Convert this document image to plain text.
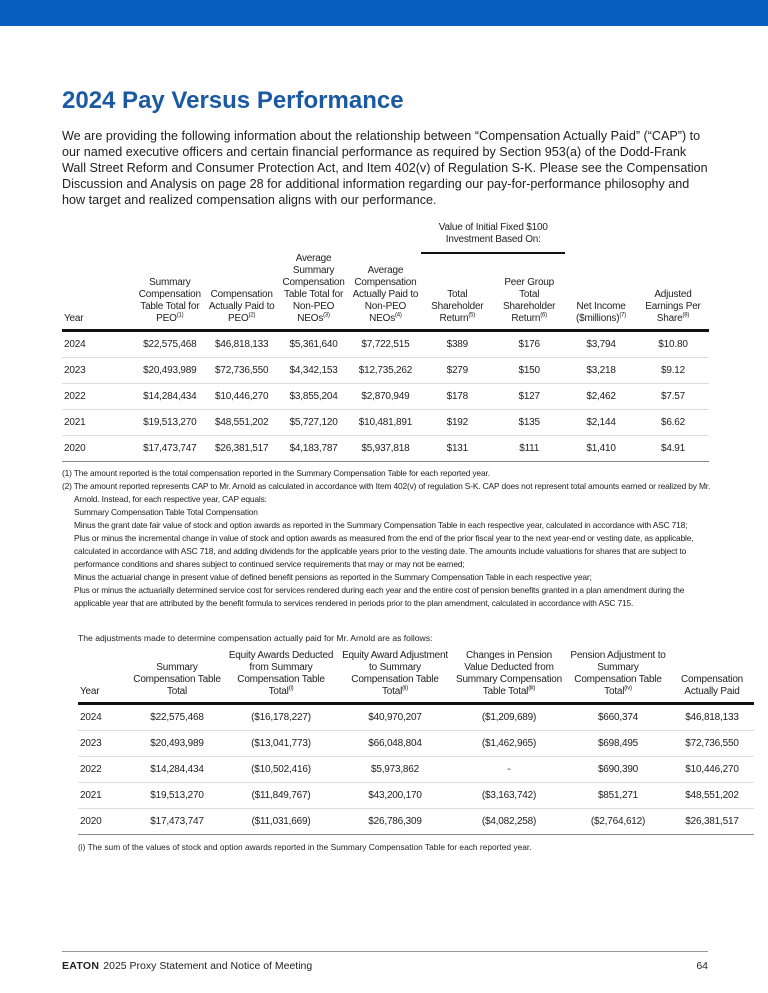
2024 Pay Versus Performance

We are providing the following information about the relationship between “Compensation Actually Paid” (“CAP”) to our named executive officers and certain financial performance as required by Section 953(a) of the Dodd-Frank Wall Street Reform and Consumer Protection Act, and Item 402(v) of Regulation S-K. Please see the Compensation Discussion and Analysis on page 28 for additional information regarding our pay-for-performance philosophy and how target and realized compensation aligns with our performance.

					Value of Initial Fixed $100 Investment Based On:			
Year	Summary Compensation Table Total for PEO$^{(1)}$	Compensation Actually Paid to PEO$^{(2)}$	Average Summary Compensation Table Total for Non-PEO NEOs$^{(3)}$	Average Compensation Actually Paid to Non-PEO NEOs$^{(4)}$	Total Shareholder Return$^{(5)}$	Peer Group Total Shareholder Return$^{(6)}$	Net Income ($millions)$^{(7)}$	Adjusted Earnings Per Share$^{(8)}$
2024	$22,575,468	$46,818,133	$5,361,640	$7,722,515	$389	$176	$3,794	$10.80
2023	$20,493,989	$72,736,550	$4,342,153	$12,735,262	$279	$150	$3,218	$9.12
2022	$14,284,434	$10,446,270	$3,855,204	$2,870,949	$178	$127	$2,462	$7.57
2021	$19,513,270	$48,551,202	$5,727,120	$10,481,891	$192	$135	$2,144	$6.62
2020	$17,473,747	$26,381,517	$4,183,787	$5,937,818	$131	$111	$1,410	$4.91

(1) The amount reported is the total compensation reported in the Summary Compensation Table for each reported year.

(2) The amount reported represents CAP to Mr. Arnold as calculated in accordance with Item 402(v) of regulation S-K. CAP does not represent total amounts earned or realized by Mr. Arnold. Instead, for each respective year, CAP equals:

Summary Compensation Table Total Compensation

Minus the grant date fair value of stock and option awards as reported in the Summary Compensation Table in each respective year, calculated in accordance with ASC 718;

Plus or minus the incremental change in value of stock and option awards as measured from the end of the prior fiscal year to the next year-end or vesting date, as applicable, calculated in accordance with ASC 718, and adding dividends for the applicable years prior to the vesting date. The amounts include valuations for shares that are subject to performance conditions and shares subject to continued service requirements that may or may not be earned;

Minus the actuarial change in present value of defined benefit pensions as reported in the Summary Compensation Table in each respective year;

Plus or minus the actuarially determined service cost for services rendered during each year and the entire cost of pension benefits granted in a plan amendment during the applicable year that are attributed by the benefit formula to services rendered in periods prior to the plan amendment, calculated in accordance with ASC 715.

The adjustments made to determine compensation actually paid for Mr. Arnold are as follows:
Year	Summary Compensation Table Total	Equity Awards Deducted from Summary Compensation Table Total$^{(i)}$	Equity Award Adjustment to Summary Compensation Table Total$^{(ii)}$	Changes in Pension Value Deducted from Summary Compensation Table Total$^{(iii)}$	Pension Adjustment to Summary Compensation Table Total$^{(iv)}$	Compensation Actually Paid
2024	$22,575,468	($16,178,227)	$40,970,207	($1,209,689)	$660,374	$46,818,133
2023	$20,493,989	($13,041,773)	$66,048,804	($1,462,965)	$698,495	$72,736,550
2022	$14,284,434	($10,502,416)	$5,973,862	-	$690,390	$10,446,270
2021	$19,513,270	($11,849,767)	$43,200,170	($3,163,742)	$851,271	$48,551,202
2020	$17,473,747	($11,031,669)	$26,786,309	($4,082,258)	($2,764,612)	$26,381,517
(i) The sum of the values of stock and option awards reported in the Summary Compensation Table for each reported year.
EATON 2025 Proxy Statement and Notice of Meeting	64
